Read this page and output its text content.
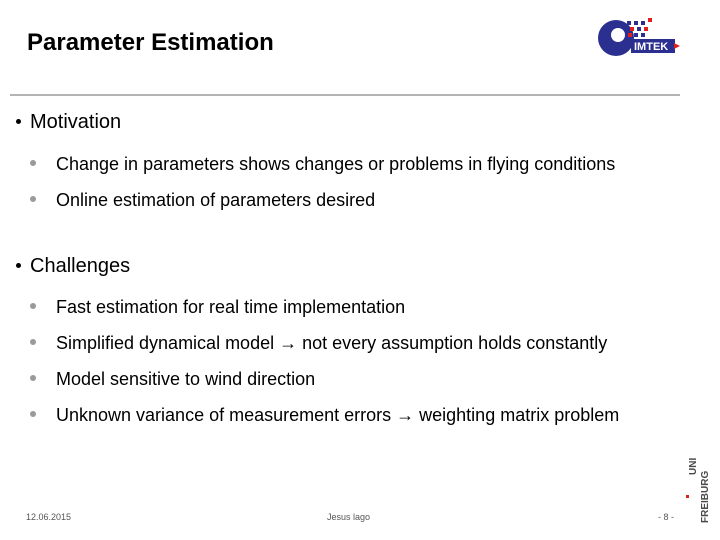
Parameter Estimation	IMTEK
Motivation
Change in parameters shows changes or problems in flying conditions
Online estimation of parameters desired
Challenges
Fast estimation for real time implementation
Simplified dynamical model → not every assumption holds constantly
Model sensitive to wind direction
Unknown variance of measurement errors → weighting matrix problem
12.06.2015	Jesus lago	- 8 -
UNI
FREIBURG
